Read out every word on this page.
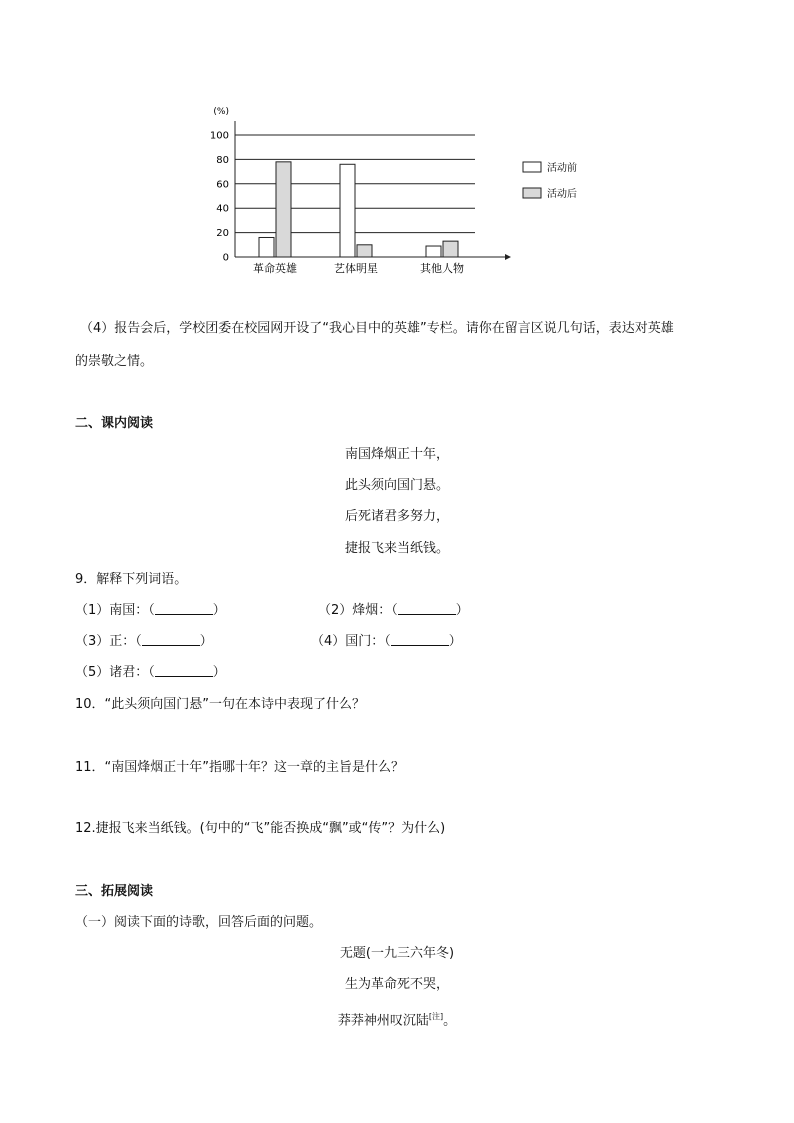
(%)
100
80
60
40
20
0
革命英雄	艺体明星	其他人物
活动前
活动后
（4）报告会后，学校团委在校园网开设了“我心目中的英雄”专栏。请你在留言区说几句话，表达对英雄
的崇敬之情。
二、课内阅读
南国烽烟正十年，
此头须向国门悬。
后死诸君多努力，
捷报飞来当纸钱。
9．解释下列词语。
（1）南国：（	）	（2）烽烟：（	）
（3）正：（	）	（4）国门：（	）
（5）诸君：（	）
10．“此头须向国门悬”一句在本诗中表现了什么？
11．“南国烽烟正十年”指哪十年？这一章的主旨是什么？
12.捷报飞来当纸钱。(句中的“飞”能否换成“飘”或“传”？为什么)
三、拓展阅读
（一）阅读下面的诗歌，回答后面的问题。
无题(一九三六年冬)
生为革命死不哭，
莽莽神州叹沉陆[注]。
